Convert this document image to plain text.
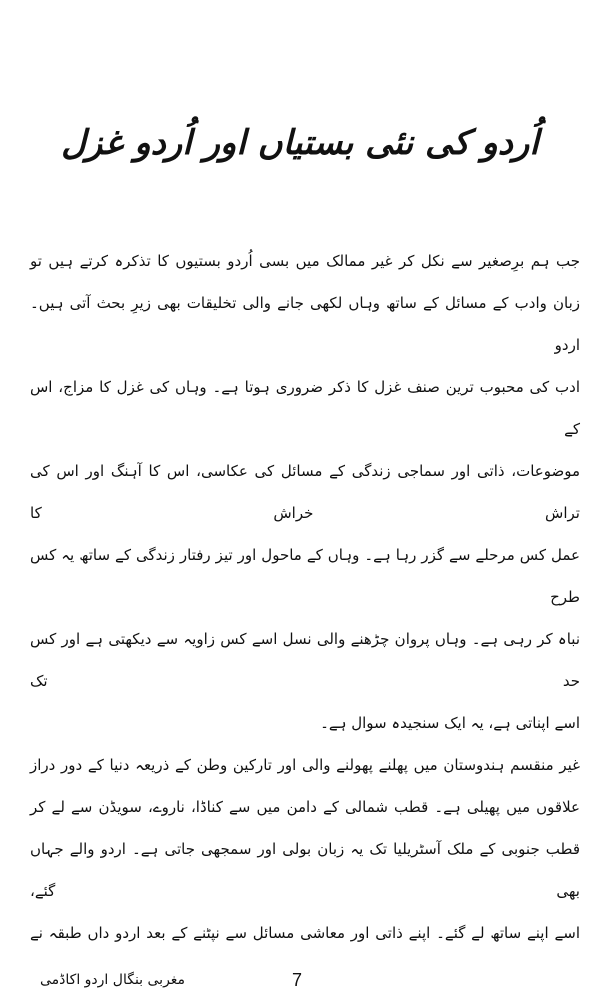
اُردو کی نئی بستیاں اور اُردو غزل
جب ہم برِصغیر سے نکل کر غیر ممالک میں بسی اُردو بستیوں کا تذکرہ کرتے ہیں تو
زبان وادب کے مسائل کے ساتھ وہاں لکھی جانے والی تخلیقات بھی زیرِ بحث آتی ہیں۔ اردو
ادب کی محبوب ترین صنف غزل کا ذکر ضروری ہوتا ہے۔ وہاں کی غزل کا مزاج، اس کے
موضوعات، ذاتی اور سماجی زندگی کے مسائل کی عکاسی، اس کا آہنگ اور اس کی تراش خراش کا
عمل کس مرحلے سے گزر رہا ہے۔ وہاں کے ماحول اور تیز رفتار زندگی کے ساتھ یہ کس طرح
نباہ کر رہی ہے۔ وہاں پروان چڑھنے والی نسل اسے کس زاویہ سے دیکھتی ہے اور کس حد تک
اسے اپناتی ہے، یہ ایک سنجیدہ سوال ہے۔
غیر منقسم ہندوستان میں پھلنے پھولنے والی اور تارکین وطن کے ذریعہ دنیا کے دور دراز
علاقوں میں پھیلی ہے۔ قطب شمالی کے دامن میں سے کناڈا، ناروے، سویڈن سے لے کر
قطب جنوبی کے ملک آسٹریلیا تک یہ زبان بولی اور سمجھی جاتی ہے۔ اردو والے جہاں بھی گئے،
اسے اپنے ساتھ لے گئے۔ اپنے ذاتی اور معاشی مسائل سے نپٹنے کے بعد اردو داں طبقہ نے
مغربی بنگال اردو اکاڈمی	7
